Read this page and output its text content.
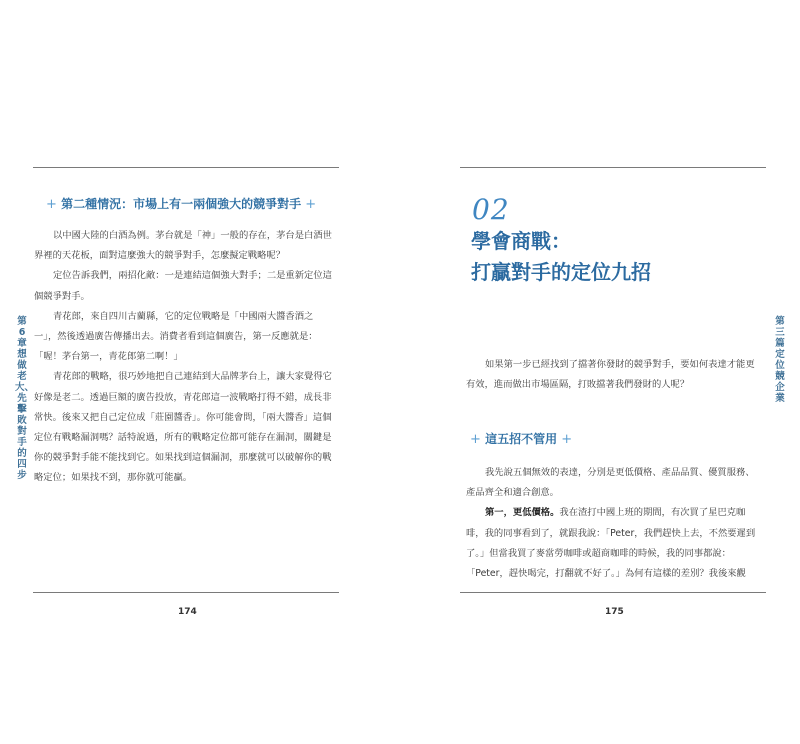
第6章 想做老大、先擊敗對手的四步
+ 第二種情況：市場上有一兩個強大的競爭對手 +

以中國大陸的白酒為例。茅台就是「神」一般的存在，茅台是白酒世界裡的天花板，面對這麼強大的競爭對手，怎麼擬定戰略呢？

定位告訴我們，兩招化敵：一是連結這個強大對手；二是重新定位這個競爭對手。

青花郎，來自四川古藺縣，它的定位戰略是「中國兩大醬香酒之一」，然後透過廣告傳播出去。消費者看到這個廣告，第一反應就是：「喔！茅台第一，青花郎第二啊！」

青花郎的戰略，很巧妙地把自己連結到大品牌茅台上，讓大家覺得它好像是老二。透過巨額的廣告投放，青花郎這一波戰略打得不錯，成長非常快。後來又把自己定位成「莊園醬香」。你可能會問，「兩大醬香」這個定位有戰略漏洞嗎？話特說過，所有的戰略定位都可能存在漏洞，關鍵是你的競爭對手能不能找到它。如果找到這個漏洞，那麼就可以破解你的戰略定位；如果找不到，那你就可能贏。

174
第三篇 定位競企業
02
學會商戰：
打贏對手的定位九招

如果第一步已經找到了擋著你發財的競爭對手，要如何表達才能更有效，進而做出市場區隔，打敗擋著我們發財的人呢？

+ 這五招不管用 +

我先說五個無效的表達，分別是更低價格、產品品質、優質服務、產品齊全和適合創意。

第一，更低價格。我在渣打中國上班的期間，有次買了星巴克咖啡，我的同事看到了，就跟我說：「Peter，我們趕快上去，不然要遲到了。」但當我買了麥當勞咖啡或超商咖啡的時候，我的同事都說：「Peter，趕快喝完，打翻就不好了。」為何有這樣的差別？我後來觀

175
